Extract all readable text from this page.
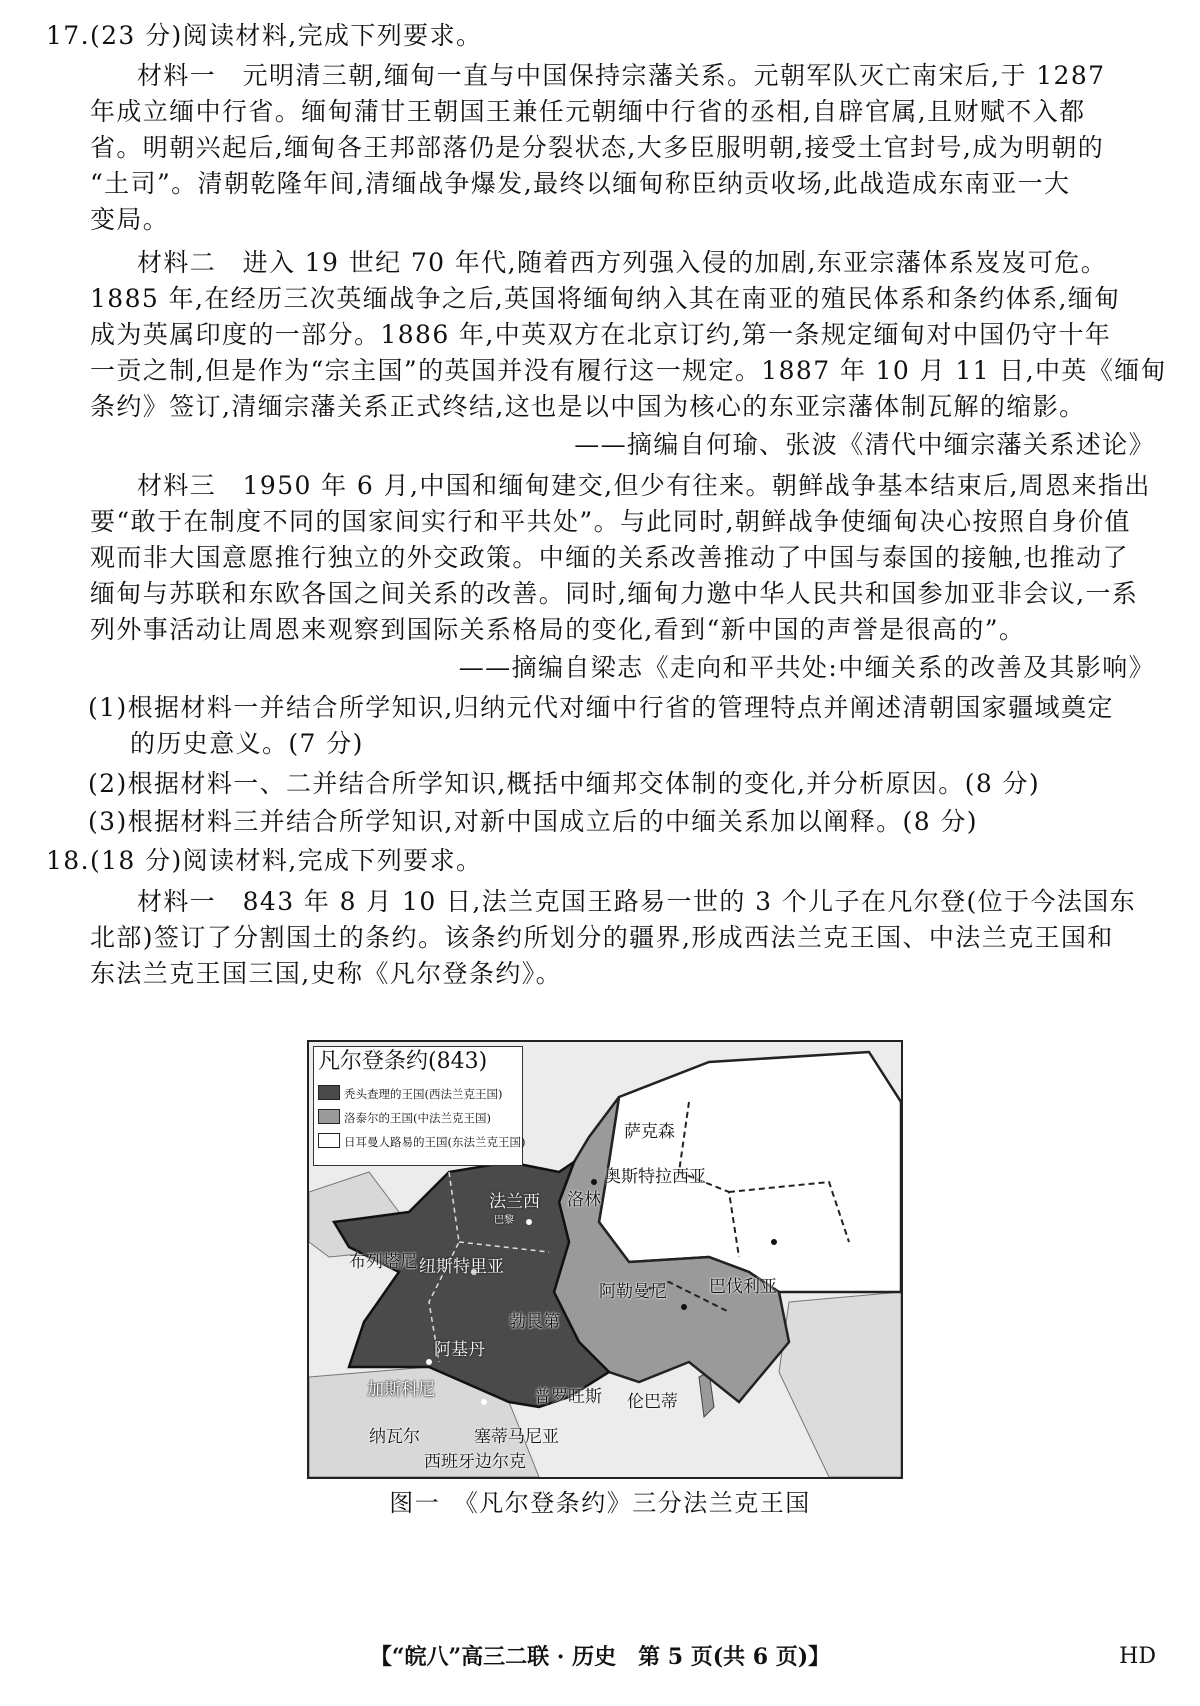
17.(23 分)阅读材料,完成下列要求。
材料一　元明清三朝,缅甸一直与中国保持宗藩关系。元朝军队灭亡南宋后,于 1287
年成立缅中行省。缅甸蒲甘王朝国王兼任元朝缅中行省的丞相,自辟官属,且财赋不入都
省。明朝兴起后,缅甸各王邦部落仍是分裂状态,大多臣服明朝,接受土官封号,成为明朝的
“土司”。清朝乾隆年间,清缅战争爆发,最终以缅甸称臣纳贡收场,此战造成东南亚一大
变局。
材料二　进入 19 世纪 70 年代,随着西方列强入侵的加剧,东亚宗藩体系岌岌可危。
1885 年,在经历三次英缅战争之后,英国将缅甸纳入其在南亚的殖民体系和条约体系,缅甸
成为英属印度的一部分。1886 年,中英双方在北京订约,第一条规定缅甸对中国仍守十年
一贡之制,但是作为“宗主国”的英国并没有履行这一规定。1887 年 10 月 11 日,中英《缅甸
条约》签订,清缅宗藩关系正式终结,这也是以中国为核心的东亚宗藩体制瓦解的缩影。
——摘编自何瑜、张波《清代中缅宗藩关系述论》
材料三　1950 年 6 月,中国和缅甸建交,但少有往来。朝鲜战争基本结束后,周恩来指出
要“敢于在制度不同的国家间实行和平共处”。与此同时,朝鲜战争使缅甸决心按照自身价值
观而非大国意愿推行独立的外交政策。中缅的关系改善推动了中国与泰国的接触,也推动了
缅甸与苏联和东欧各国之间关系的改善。同时,缅甸力邀中华人民共和国参加亚非会议,一系
列外事活动让周恩来观察到国际关系格局的变化,看到“新中国的声誉是很高的”。
——摘编自梁志《走向和平共处:中缅关系的改善及其影响》
(1)根据材料一并结合所学知识,归纳元代对缅中行省的管理特点并阐述清朝国家疆域奠定
的历史意义。(7 分)
(2)根据材料一、二并结合所学知识,概括中缅邦交体制的变化,并分析原因。(8 分)
(3)根据材料三并结合所学知识,对新中国成立后的中缅关系加以阐释。(8 分)
18.(18 分)阅读材料,完成下列要求。
材料一　843 年 8 月 10 日,法兰克国王路易一世的 3 个儿子在凡尔登(位于今法国东
北部)签订了分割国土的条约。该条约所划分的疆界,形成西法兰克王国、中法兰克王国和
东法兰克王国三国,史称《凡尔登条约》。
凡尔登条约(843)
秃头查理的王国(西法兰克王国)
洛泰尔的王国(中法兰克王国)
日耳曼人路易的王国(东法兰克王国)	萨克森
洛林
奥斯特拉西亚
法兰西
巴黎
布列塔尼 纽斯特里亚
阿基丹
勃艮第
阿勒曼尼 巴伐利亚
加斯科尼	普罗旺斯 伦巴蒂
塞蒂马尼亚
纳瓦尔
西班牙边尔克
图一　《凡尔登条约》三分法兰克王国
【“皖八”高三二联 · 历史　第 5 页(共 6 页)】	HD
